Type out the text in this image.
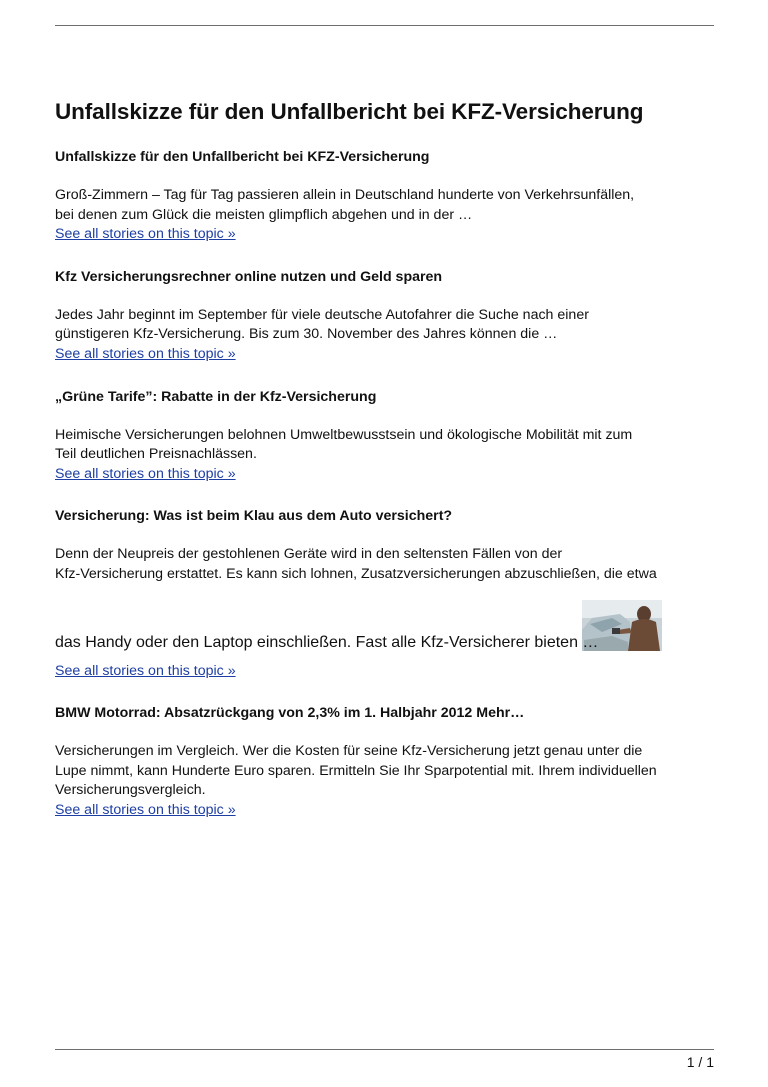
Unfallskizze für den Unfallbericht bei KFZ-Versicherung

Unfallskizze für den Unfallbericht bei KFZ-Versicherung

Groß-Zimmern – Tag für Tag passieren allein in Deutschland hunderte von Verkehrsunfällen,
bei denen zum Glück die meisten glimpflich abgehen und in der …
See all stories on this topic »

Kfz Versicherungsrechner online nutzen und Geld sparen

Jedes Jahr beginnt im September für viele deutsche Autofahrer die Suche nach einer
günstigeren Kfz-Versicherung. Bis zum 30. November des Jahres können die …
See all stories on this topic »

„Grüne Tarife”: Rabatte in der Kfz-Versicherung

Heimische Versicherungen belohnen Umweltbewusstsein und ökologische Mobilität mit zum
Teil deutlichen Preisnachlässen.
See all stories on this topic »

Versicherung: Was ist beim Klau aus dem Auto versichert?

Denn der Neupreis der gestohlenen Geräte wird in den seltensten Fällen von der
Kfz-Versicherung erstattet. Es kann sich lohnen, Zusatzversicherungen abzuschließen, die etwa

das Handy oder den Laptop einschließen. Fast alle Kfz-Versicherer bieten …
See all stories on this topic »

BMW Motorrad: Absatzrückgang von 2,3% im 1. Halbjahr 2012 Mehr…

Versicherungen im Vergleich. Wer die Kosten für seine Kfz-Versicherung jetzt genau unter die
Lupe nimmt, kann Hunderte Euro sparen. Ermitteln Sie Ihr Sparpotential mit. Ihrem individuellen
Versicherungsvergleich.
See all stories on this topic »

1 / 1
